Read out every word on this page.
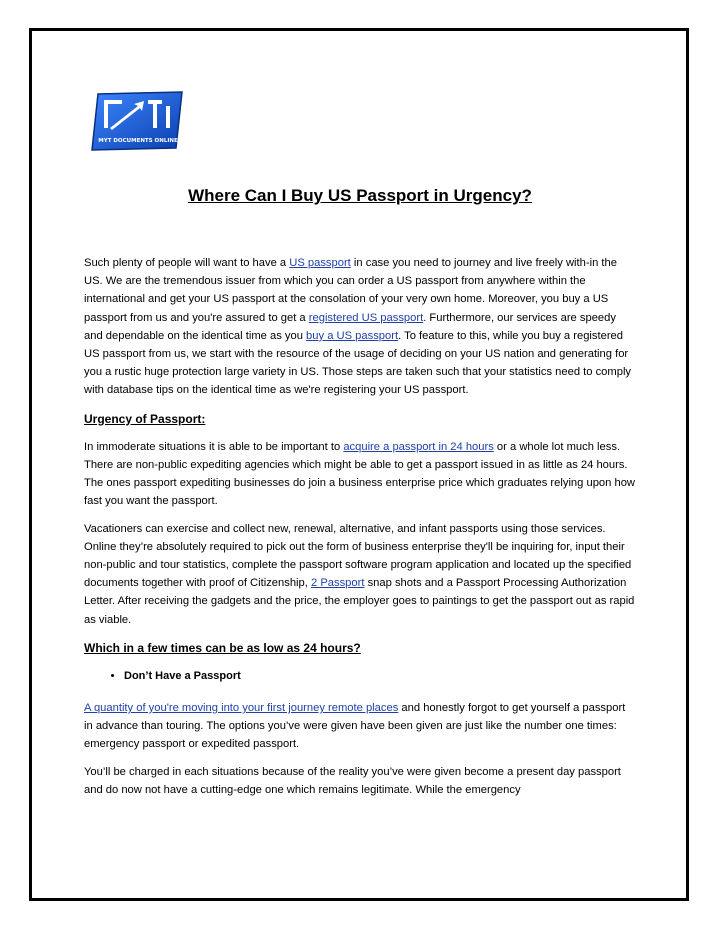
MYT DOCUMENTS ONLINE
Where Can I Buy US Passport in Urgency?

Such plenty of people will want to have a US passport in case you need to journey and live freely with-in the US. We are the tremendous issuer from which you can order a US passport from anywhere within the international and get your US passport at the consolation of your very own home. Moreover, you buy a US passport from us and you're assured to get a registered US passport. Furthermore, our services are speedy and dependable on the identical time as you buy a US passport. To feature to this, while you buy a registered US passport from us, we start with the resource of the usage of deciding on your US nation and generating for you a rustic huge protection large variety in US. Those steps are taken such that your statistics need to comply with database tips on the identical time as we're registering your US passport.

Urgency of Passport:

In immoderate situations it is able to be important to acquire a passport in 24 hours or a whole lot much less. There are non-public expediting agencies which might be able to get a passport issued in as little as 24 hours. The ones passport expediting businesses do join a business enterprise price which graduates relying upon how fast you want the passport.

Vacationers can exercise and collect new, renewal, alternative, and infant passports using those services. Online they’re absolutely required to pick out the form of business enterprise they'll be inquiring for, input their non-public and tour statistics, complete the passport software program application and located up the specified documents together with proof of Citizenship, 2 Passport snap shots and a Passport Processing Authorization Letter. After receiving the gadgets and the price, the employer goes to paintings to get the passport out as rapid as viable.

Which in a few times can be as low as 24 hours?
• Don’t Have a Passport

A quantity of you're moving into your first journey remote places and honestly forgot to get yourself a passport in advance than touring. The options you’ve were given have been given are just like the number one times: emergency passport or expedited passport.

You’ll be charged in each situations because of the reality you’ve were given become a present day passport and do now not have a cutting-edge one which remains legitimate. While the emergency
